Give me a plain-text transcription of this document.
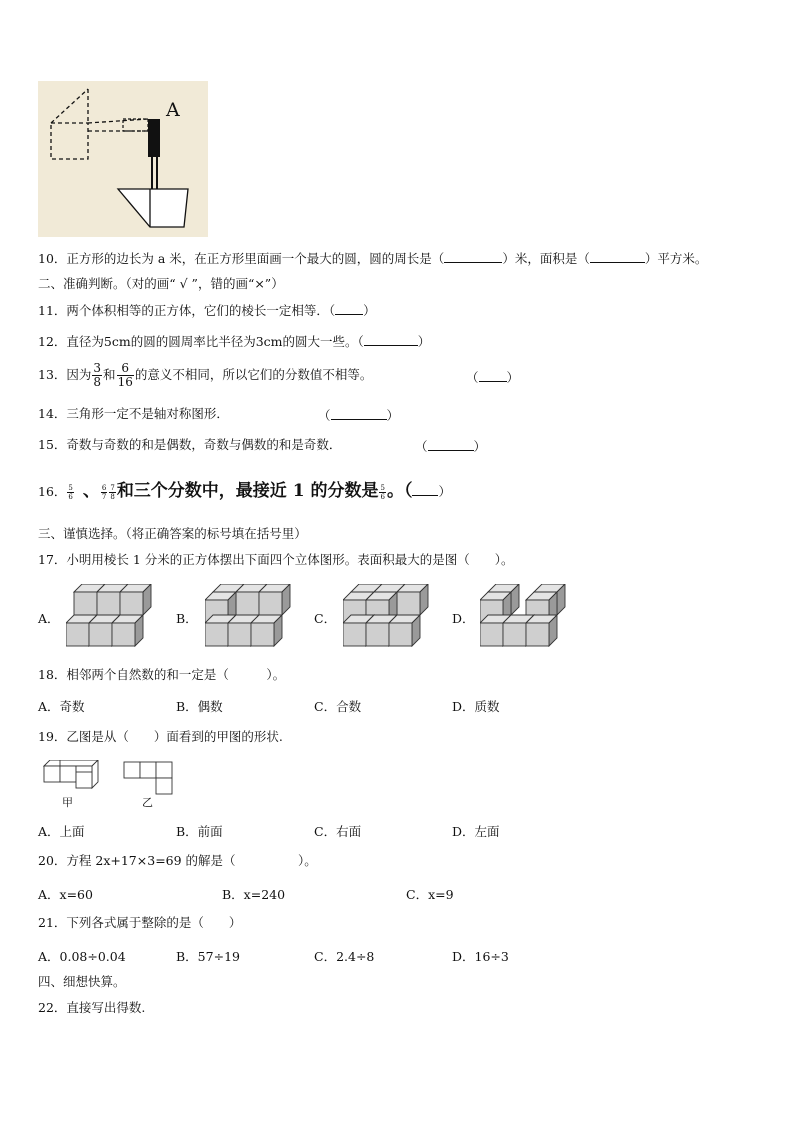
A
10．正方形的边长为 a 米，在正方形里面画一个最大的圆，圆的周长是（	）米，面积是（	）平方米。
二、准确判断。（对的画“ √ ”，错的画“×”）
11．两个体积相等的正方体，它们的棱长一定相等．（ ）
12．直径为5cm的圆的圆周率比半径为3cm的圆大一些。（	）
13．因为 $\frac{3}{8}$ 和 $\frac{6}{16}$ 的意义不相同，所以它们的分数值不相等。	（ ）
14．三角形一定不是轴对称图形．	（	）
15．奇数与奇数的和是偶数，奇数与偶数的和是奇数．	（	）
16． $\frac{5}{6}$ 、 $\frac{6}{7} \frac{7}{8}$ 和三个分数中，最接近 1 的分数是 $\frac{5}{6}$ 。（ ）
三、谨慎选择。（将正确答案的标号填在括号里）
17．小明用棱长 1 分米的正方体摆出下面四个立体图形。表面积最大的是图（　　）。
A．	B．	C．	D．
18．相邻两个自然数的和一定是（　　　）。
A．奇数	B．偶数	C．合数	D．质数
19．乙图是从（　　）面看到的甲图的形状.
甲	乙
A．上面	B．前面	C．右面	D．左面
20．方程 2x+17×3=69 的解是（　　　　　）。
A．x=60	B．x=240	C．x=9
21．下列各式属于整除的是（　　）
A．0.08÷0.04	B．57÷19	C．2.4÷8	D．16÷3
四、细想快算。
22．直接写出得数.
